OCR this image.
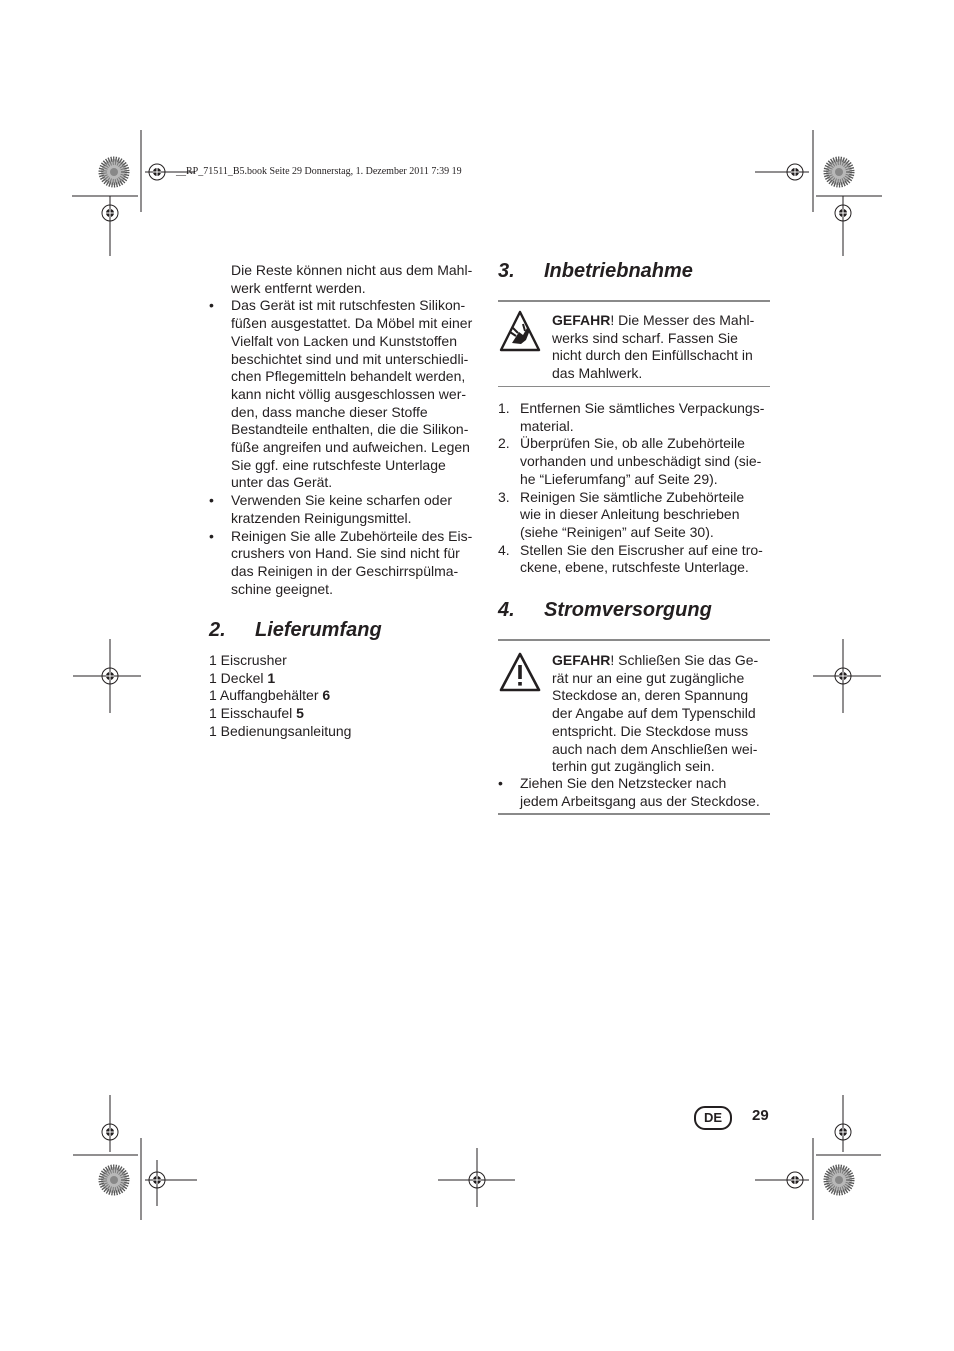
__RP_71511_B5.book Seite 29 Donnerstag, 1. Dezember 2011 7:39 19

Die Reste können nicht aus dem Mahl-

werk entfernt werden.

•	Das Gerät ist mit rutschfesten Silikon-

füßen ausgestattet. Da Möbel mit einer

Vielfalt von Lacken und Kunststoffen

beschichtet sind und mit unterschiedli-

chen Pflegemitteln behandelt werden,

kann nicht völlig ausgeschlossen wer-

den, dass manche dieser Stoffe

Bestandteile enthalten, die die Silikon-

füße angreifen und aufweichen. Legen

Sie ggf. eine rutschfeste Unterlage

unter das Gerät.

•	Verwenden Sie keine scharfen oder

kratzenden Reinigungsmittel.

•	Reinigen Sie alle Zubehörteile des Eis-

crushers von Hand. Sie sind nicht für

das Reinigen in der Geschirrspülma-

schine geeignet.

2. Lieferumfang

1 Eiscrusher

1 Deckel 1

1 Auffangbehälter 6

1 Eisschaufel 5

1 Bedienungsanleitung

3. Inbetriebnahme

GEFAHR! Die Messer des Mahl-

werks sind scharf. Fassen Sie

nicht durch den Einfüllschacht in

das Mahlwerk.

1. Entfernen Sie sämtliches Verpackungs-

material.

2. Überprüfen Sie, ob alle Zubehörteile

vorhanden und unbeschädigt sind (sie-

he “Lieferumfang” auf Seite 29).

3. Reinigen Sie sämtliche Zubehörteile

wie in dieser Anleitung beschrieben

(siehe “Reinigen” auf Seite 30).

4. Stellen Sie den Eiscrusher auf eine tro-

ckene, ebene, rutschfeste Unterlage.

4. Stromversorgung

GEFAHR! Schließen Sie das Ge-

rät nur an eine gut zugängliche

Steckdose an, deren Spannung

der Angabe auf dem Typenschild

entspricht. Die Steckdose muss

auch nach dem Anschließen wei-

terhin gut zugänglich sein.

•	Ziehen Sie den Netzstecker nach

jedem Arbeitsgang aus der Steckdose.

DE	29
